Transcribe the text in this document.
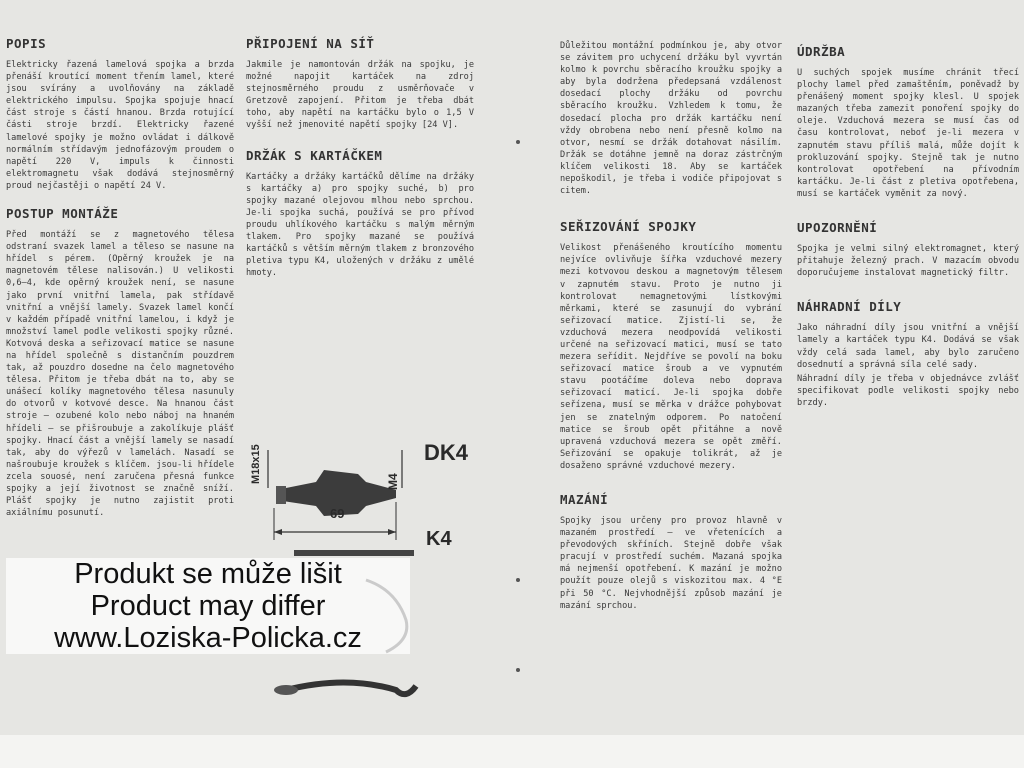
POPIS

Elektricky řazená lamelová spojka a brzda přenáší kroutící moment třením lamel, které jsou svírány a uvolňovány na základě elektrického impulsu. Spojka spojuje hnací část stroje s částí hnanou. Brzda rotující části stroje brzdí. Elektricky řazené lamelové spojky je možno ovládat i dálkově normálním střídavým jednofázovým proudem o napětí 220 V, impuls k činnosti elektromagnetu však dodává stejnosměrný proud nejčastěji o napětí 24 V.

POSTUP MONTÁŽE

Před montáží se z magnetového tělesa odstraní svazek lamel a těleso se nasune na hřídel s pérem. (Opěrný kroužek je na magnetovém tělese nalisován.) U velikosti 0,6—4, kde opěrný kroužek není, se nasune jako první vnitřní lamela, pak střídavě vnitřní a vnější lamely. Svazek lamel končí v každém případě vnitřní lamelou, i když je množství lamel podle velikosti spojky různé. Kotvová deska a seřizovací matice se nasune na hřídel společně s distančním pouzdrem tak, až pouzdro dosedne na čelo magnetového tělesa. Přitom je třeba dbát na to, aby se unášecí kolíky magnetového tělesa nasunuly do otvorů v kotvové desce. Na hnanou část stroje — ozubené kolo nebo náboj na hnaném hřídeli — se přišroubuje a zakolíkuje plášť spojky. Hnací část a vnější lamely se nasadí tak, aby do výřezů v lamelách. Nasadí se našroubuje kroužek s klíčem. jsou-li hřídele zcela souosé, není zaručena přesná funkce spojky a její životnost se značně sníží. Plášť spojky je nutno zajistit proti axiálnímu posunutí.

PŘIPOJENÍ NA SÍŤ

Jakmile je namontován držák na spojku, je možné napojit kartáček na zdroj stejnosměrného proudu z usměrňovače v Gretzově zapojení. Přitom je třeba dbát toho, aby napětí na kartáčku bylo o 1,5 V vyšší než jmenovité napětí spojky [24 V].

DRŽÁK S KARTÁČKEM

Kartáčky a držáky kartáčků dělíme na držáky s kartáčky a) pro spojky suché, b) pro spojky mazané olejovou mlhou nebo sprchou. Je-li spojka suchá, používá se pro přívod proudu uhlíkového kartáčku s malým měrným tlakem. Pro spojky mazané se používá kartáčků s větším měrným tlakem z bronzového pletiva typu K4, uložených v držáku z umělé hmoty.

M18x15	M4
69
DK4
K4

Důležitou montážní podmínkou je, aby otvor se závitem pro uchycení držáku byl vyvrtán kolmo k povrchu sběracího kroužku spojky a aby byla dodržena předepsaná vzdálenost dosedací plochy držáku od povrchu sběracího kroužku. Vzhledem k tomu, že dosedací plocha pro držák kartáčku není vždy obrobena nebo není přesně kolmo na otvor, nesmí se držák dotahovat násilím. Držák se dotáhne jemně na doraz zástrčným klíčem velikosti 18. Aby se kartáček nepoškodil, je třeba i vodiče připojovat s citem.

SEŘIZOVÁNÍ SPOJKY

Velikost přenášeného kroutícího momentu nejvíce ovlivňuje šířka vzduchové mezery mezi kotvovou deskou a magnetovým tělesem v zapnutém stavu. Proto je nutno ji kontrolovat nemagnetovými lístkovými měrkami, které se zasunují do vybrání seřizovací matice. Zjistí-li se, že vzduchová mezera neodpovídá velikosti určené na seřizovací matici, musí se tato mezera seřídit. Nejdříve se povolí na boku seřizovací matice šroub a ve vypnutém stavu pootáčíme doleva nebo doprava seřizovací maticí. Je-li spojka dobře seřízena, musí se měrka v drážce pohybovat jen se znatelným odporem. Po natočení matice se šroub opět přitáhne a nově upravená vzduchová mezera se opět změří. Seřizování se opakuje tolikrát, až je dosaženo správné vzduchové mezery.

MAZÁNÍ

Spojky jsou určeny pro provoz hlavně v mazaném prostředí — ve vřetenících a převodových skříních. Stejně dobře však pracují v prostředí suchém. Mazaná spojka má nejmenší opotřebení. K mazání je možno použít pouze olejů s viskozitou max. 4 °E při 50 °C. Nejvhodnější způsob mazání je mazání sprchou.

ÚDRŽBA

U suchých spojek musíme chránit třecí plochy lamel před zamaštěním, poněvadž by přenášený moment spojky klesl. U spojek mazaných třeba zamezit ponoření spojky do oleje. Vzduchová mezera se musí čas od času kontrolovat, neboť je-li mezera v zapnutém stavu příliš malá, může dojít k prokluzování spojky. Stejně tak je nutno kontrolovat opotřebení na přívodním kartáčku. Je-li část z pletiva opotřebena, musí se kartáček vyměnit za nový.

UPOZORNĚNÍ

Spojka je velmi silný elektromagnet, který přitahuje železný prach. V mazacím obvodu doporučujeme instalovat magnetický filtr.

NÁHRADNÍ DÍLY

Jako náhradní díly jsou vnitřní a vnější lamely a kartáček typu K4. Dodává se však vždy celá sada lamel, aby bylo zaručeno dosednutí a správná síla celé sady.

Náhradní díly je třeba v objednávce zvlášť specifikovat podle velikosti spojky nebo brzdy.

Produkt se může lišit
Product may differ
www.Loziska-Policka.cz
